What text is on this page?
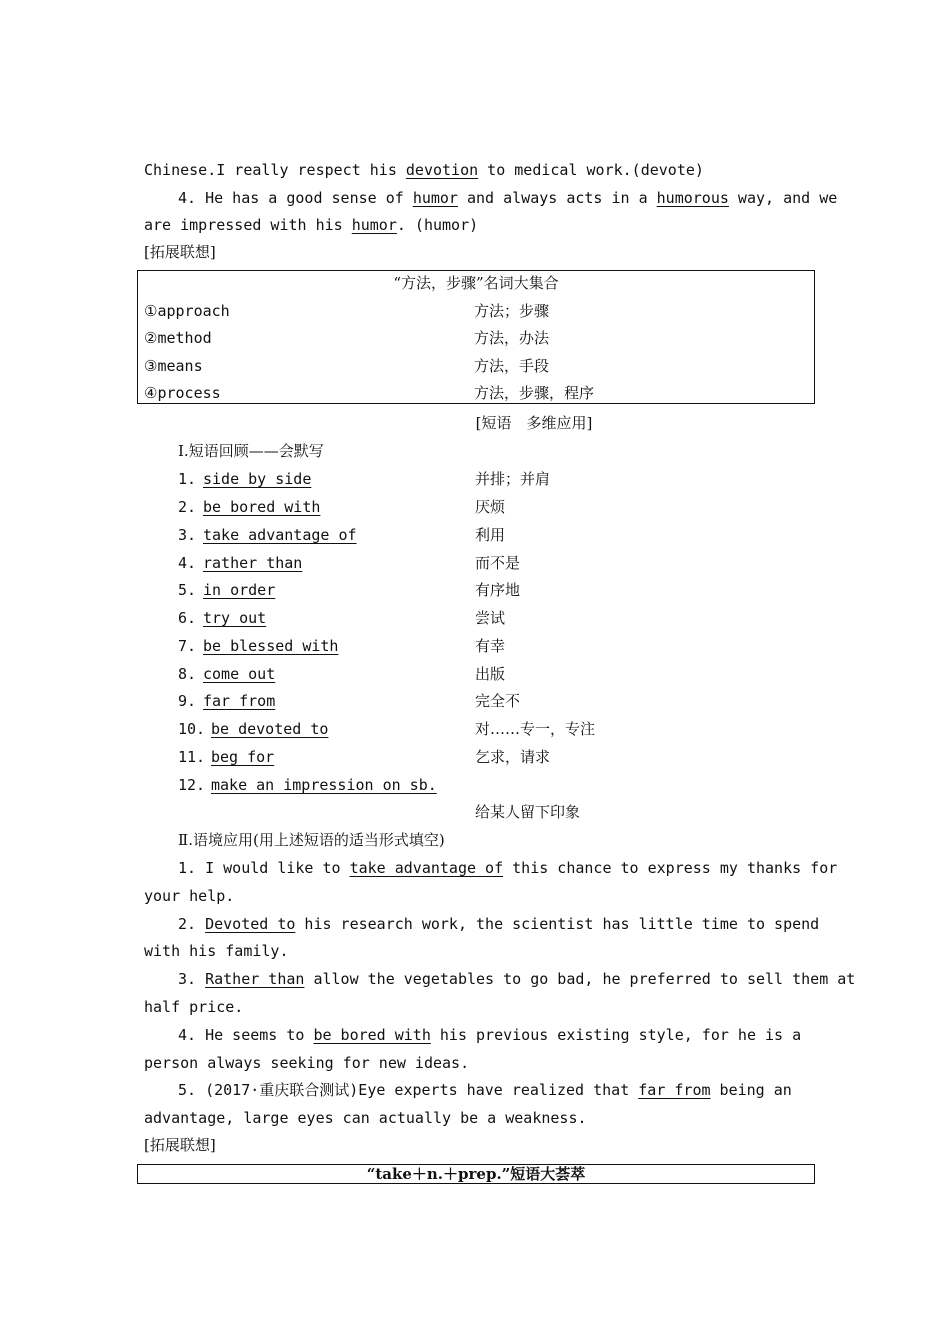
Chinese.I really respect his devotion to medical work.(devote)
4. He has a good sense of humor and always acts in a humorous way, and we
are impressed with his humor. (humor)
[拓展联想]
“方法，步骤”名词大集合
①approach	方法；步骤
②method	方法，办法
③means	方法，手段
④process	方法，步骤，程序
[短语　多维应用]
Ⅰ.短语回顾——会默写
1. side by side	并排；并肩
2. be bored with	厌烦
3. take advantage of	利用
4. rather than	而不是
5. in order	有序地
6. try out	尝试
7. be blessed with	有幸
8. come out	出版
9. far from	完全不
10. be devoted to	对……专一，专注
11. beg for	乞求，请求
12. make an impression on sb.
给某人留下印象
Ⅱ.语境应用(用上述短语的适当形式填空)
1. I would like to take advantage of this chance to express my thanks for
your help.
2. Devoted to his research work, the scientist has little time to spend
with his family.
3. Rather than allow the vegetables to go bad, he preferred to sell them at
half price.
4. He seems to be bored with his previous existing style, for he is a
person always seeking for new ideas.
5. (2017·重庆联合测试)Eye experts have realized that far from being an
advantage, large eyes can actually be a weakness.
[拓展联想]
“take＋n.＋prep.”短语大荟萃
